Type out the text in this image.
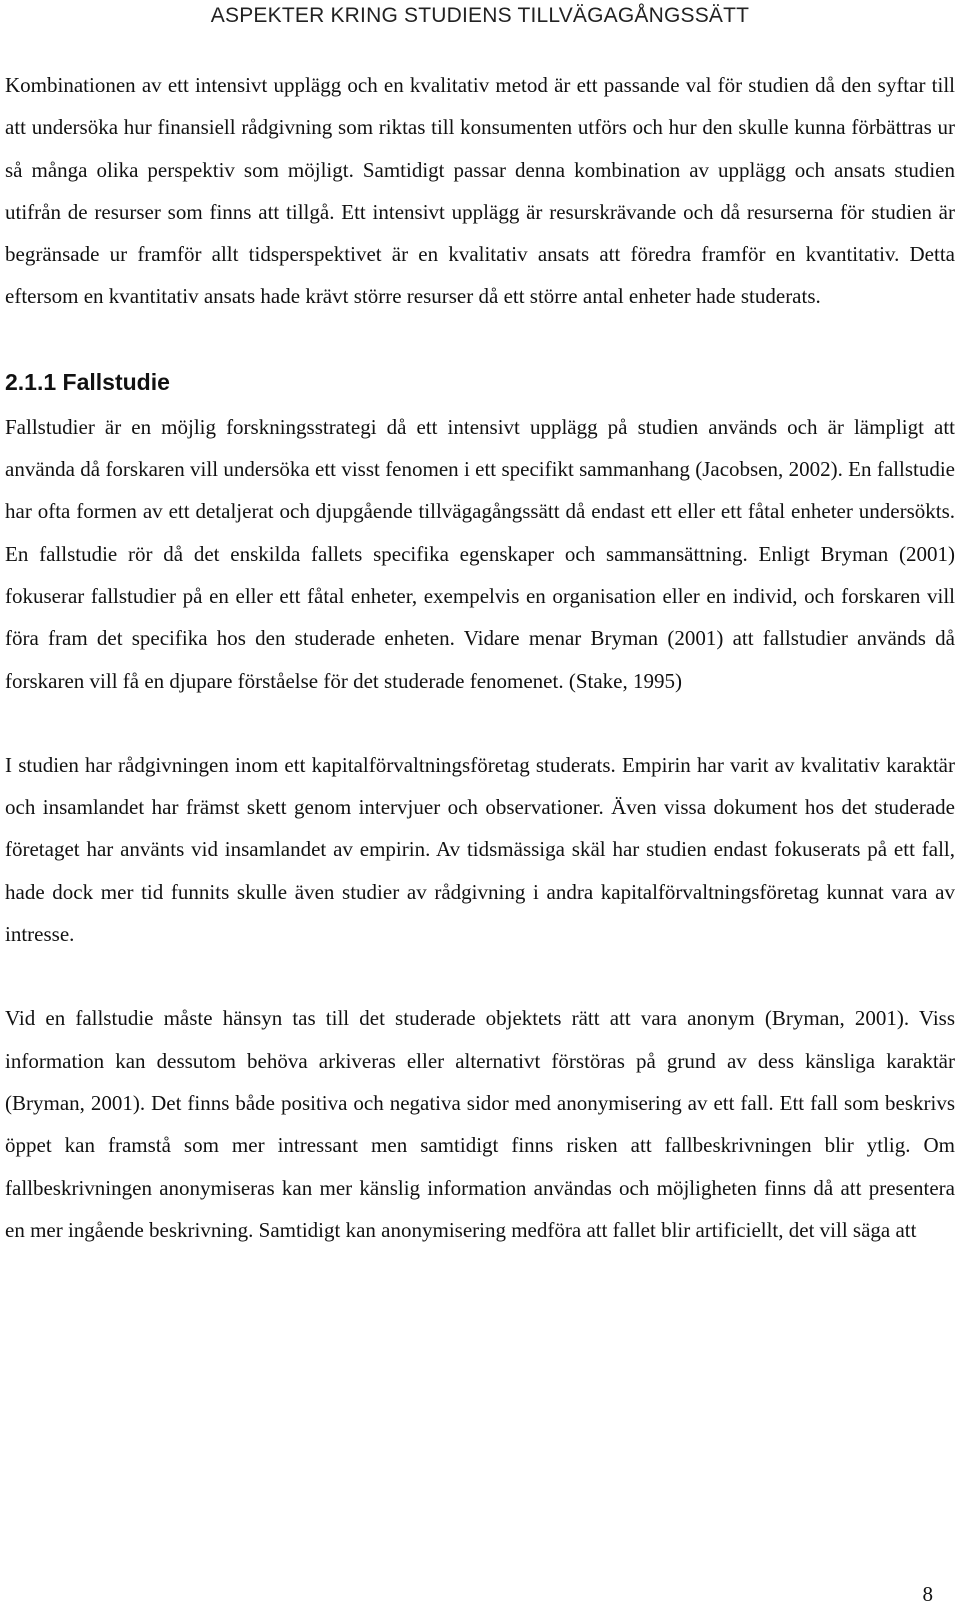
ASPEKTER KRING STUDIENS TILLVÄGAGÅNGSSÄTT

Kombinationen av ett intensivt upplägg och en kvalitativ metod är ett passande val för studien då den syftar till att undersöka hur finansiell rådgivning som riktas till konsumenten utförs och hur den skulle kunna förbättras ur så många olika perspektiv som möjligt. Samtidigt passar denna kombination av upplägg och ansats studien utifrån de resurser som finns att tillgå. Ett intensivt upplägg är resurskrävande och då resurserna för studien är begränsade ur framför allt tidsperspektivet är en kvalitativ ansats att föredra framför en kvantitativ. Detta eftersom en kvantitativ ansats hade krävt större resurser då ett större antal enheter hade studerats.

2.1.1 Fallstudie

Fallstudier är en möjlig forskningsstrategi då ett intensivt upplägg på studien används och är lämpligt att använda då forskaren vill undersöka ett visst fenomen i ett specifikt sammanhang (Jacobsen, 2002). En fallstudie har ofta formen av ett detaljerat och djupgående tillvägagångssätt då endast ett eller ett fåtal enheter undersökts. En fallstudie rör då det enskilda fallets specifika egenskaper och sammansättning. Enligt Bryman (2001) fokuserar fallstudier på en eller ett fåtal enheter, exempelvis en organisation eller en individ, och forskaren vill föra fram det specifika hos den studerade enheten. Vidare menar Bryman (2001) att fallstudier används då forskaren vill få en djupare förståelse för det studerade fenomenet. (Stake, 1995)

I studien har rådgivningen inom ett kapitalförvaltningsföretag studerats. Empirin har varit av kvalitativ karaktär och insamlandet har främst skett genom intervjuer och observationer. Även vissa dokument hos det studerade företaget har använts vid insamlandet av empirin. Av tidsmässiga skäl har studien endast fokuserats på ett fall, hade dock mer tid funnits skulle även studier av rådgivning i andra kapitalförvaltningsföretag kunnat vara av intresse.

Vid en fallstudie måste hänsyn tas till det studerade objektets rätt att vara anonym (Bryman, 2001). Viss information kan dessutom behöva arkiveras eller alternativt förstöras på grund av dess känsliga karaktär (Bryman, 2001). Det finns både positiva och negativa sidor med anonymisering av ett fall. Ett fall som beskrivs öppet kan framstå som mer intressant men samtidigt finns risken att fallbeskrivningen blir ytlig. Om fallbeskrivningen anonymiseras kan mer känslig information användas och möjligheten finns då att presentera en mer ingående beskrivning. Samtidigt kan anonymisering medföra att fallet blir artificiellt, det vill säga att

8
